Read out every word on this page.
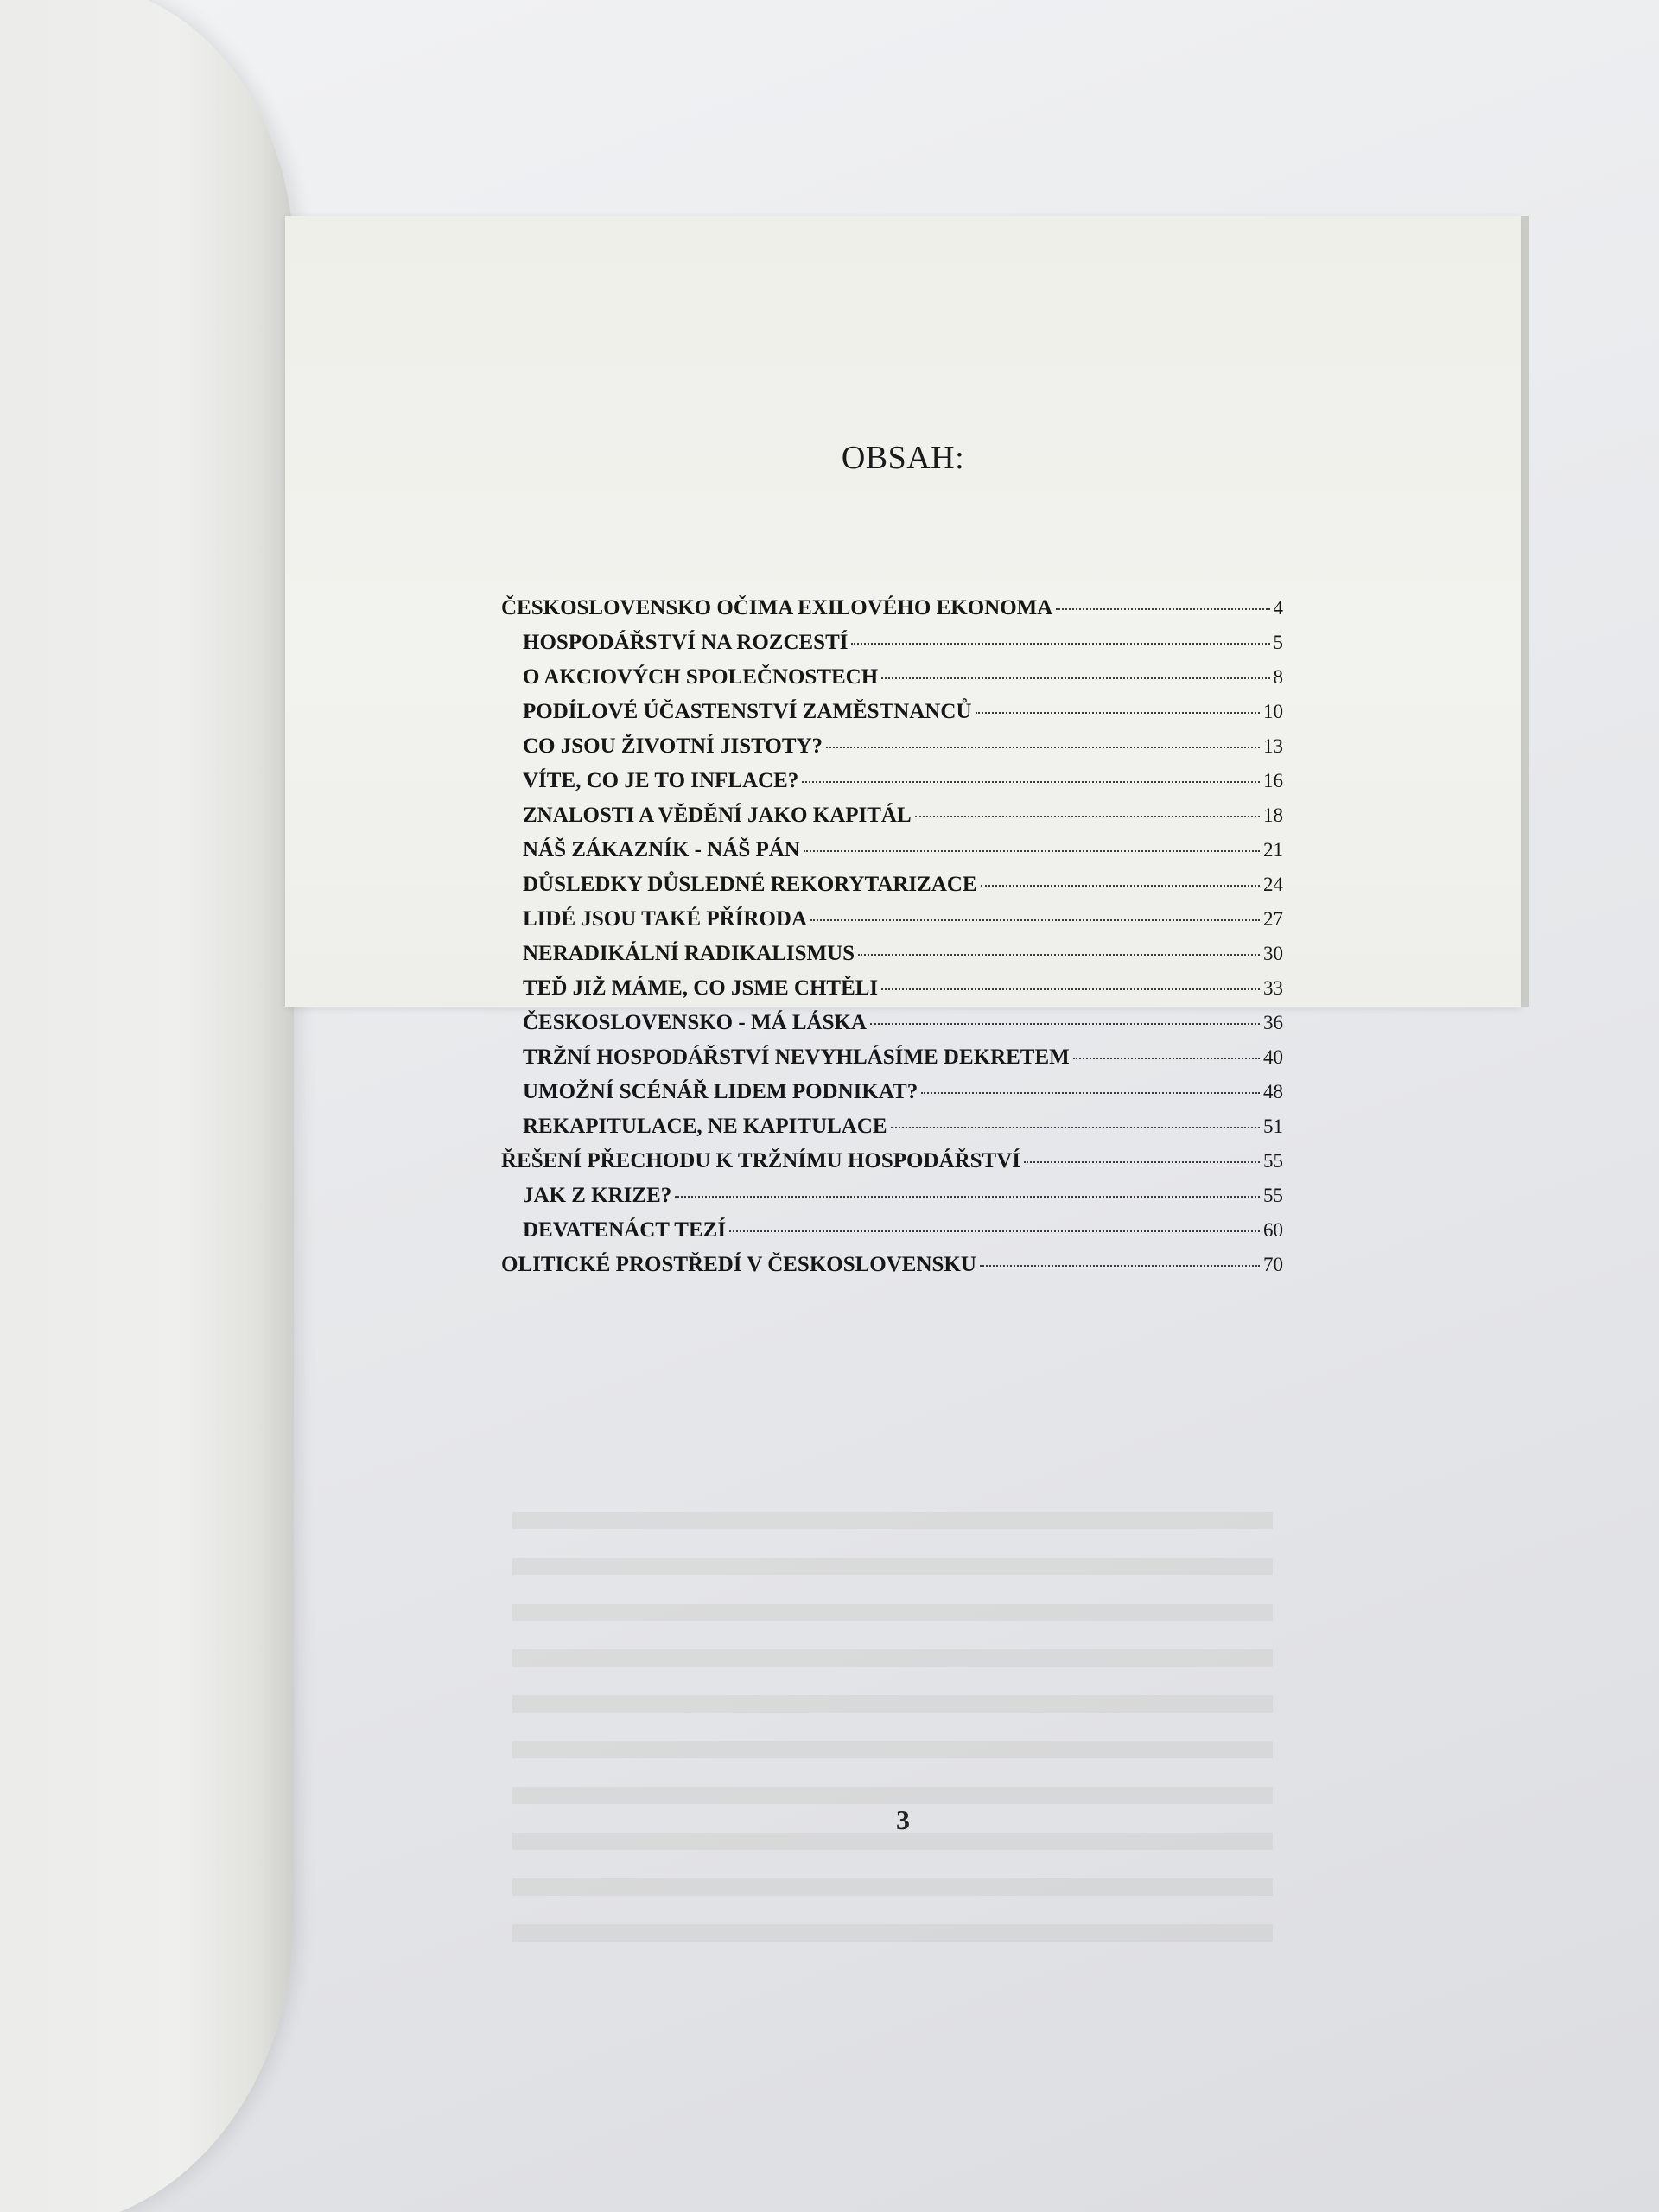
OBSAH:
ČESKOSLOVENSKO OČIMA EXILOVÉHO EKONOMA	4
HOSPODÁŘSTVÍ NA ROZCESTÍ	5
O AKCIOVÝCH SPOLEČNOSTECH	8
PODÍLOVÉ ÚČASTENSTVÍ ZAMĚSTNANCŮ	10
CO JSOU ŽIVOTNÍ JISTOTY?	13
VÍTE, CO JE TO INFLACE?	16
ZNALOSTI A VĚDĚNÍ JAKO KAPITÁL	18
NÁŠ ZÁKAZNÍK - NÁŠ PÁN	21
DŮSLEDKY DŮSLEDNÉ REKORYTARIZACE	24
LIDÉ JSOU TAKÉ PŘÍRODA	27
NERADIKÁLNÍ RADIKALISMUS	30
TEĎ JIŽ MÁME, CO JSME CHTĚLI	33
ČESKOSLOVENSKO - MÁ LÁSKA	36
TRŽNÍ HOSPODÁŘSTVÍ NEVYHLÁSÍME DEKRETEM	40
UMOŽNÍ SCÉNÁŘ LIDEM PODNIKAT?	48
REKAPITULACE, NE KAPITULACE	51
ŘEŠENÍ PŘECHODU K TRŽNÍMU HOSPODÁŘSTVÍ	55
JAK Z KRIZE?	55
DEVATENÁCT TEZÍ	60
OLITICKÉ PROSTŘEDÍ V ČESKOSLOVENSKU	70
3
